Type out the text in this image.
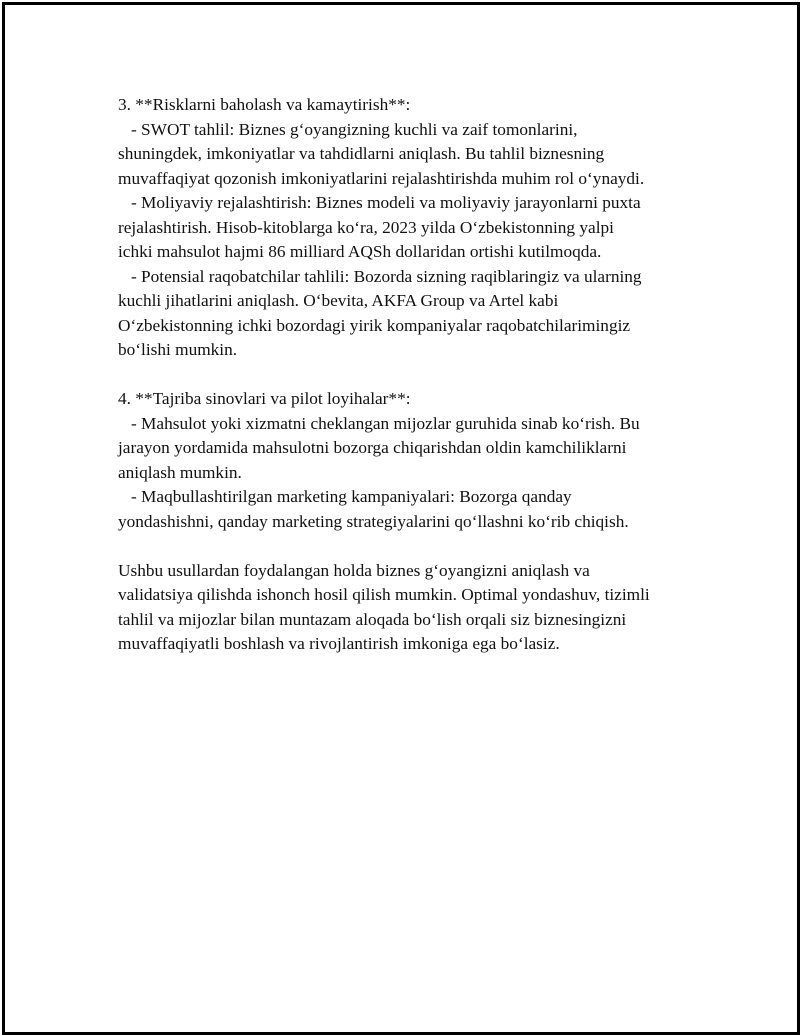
3. **Risklarni baholash va kamaytirish**:
- SWOT tahlil: Biznes g‘oyangizning kuchli va zaif tomonlarini,
shuningdek, imkoniyatlar va tahdidlarni aniqlash. Bu tahlil biznesning
muvaffaqiyat qozonish imkoniyatlarini rejalashtirishda muhim rol o‘ynaydi.
- Moliyaviy rejalashtirish: Biznes modeli va moliyaviy jarayonlarni puxta
rejalashtirish. Hisob-kitoblarga ko‘ra, 2023 yilda O‘zbekistonning yalpi
ichki mahsulot hajmi 86 milliard AQSh dollaridan ortishi kutilmoqda.
- Potensial raqobatchilar tahlili: Bozorda sizning raqiblaringiz va ularning
kuchli jihatlarini aniqlash. O‘bevita, AKFA Group va Artel kabi
O‘zbekistonning ichki bozordagi yirik kompaniyalar raqobatchilarimingiz
bo‘lishi mumkin.
4. **Tajriba sinovlari va pilot loyihalar**:
- Mahsulot yoki xizmatni cheklangan mijozlar guruhida sinab ko‘rish. Bu
jarayon yordamida mahsulotni bozorga chiqarishdan oldin kamchiliklarni
aniqlash mumkin.
- Maqbullashtirilgan marketing kampaniyalari: Bozorga qanday
yondashishni, qanday marketing strategiyalarini qo‘llashni ko‘rib chiqish.
Ushbu usullardan foydalangan holda biznes g‘oyangizni aniqlash va
validatsiya qilishda ishonch hosil qilish mumkin. Optimal yondashuv, tizimli
tahlil va mijozlar bilan muntazam aloqada bo‘lish orqali siz biznesingizni
muvaffaqiyatli boshlash va rivojlantirish imkoniga ega bo‘lasiz.
